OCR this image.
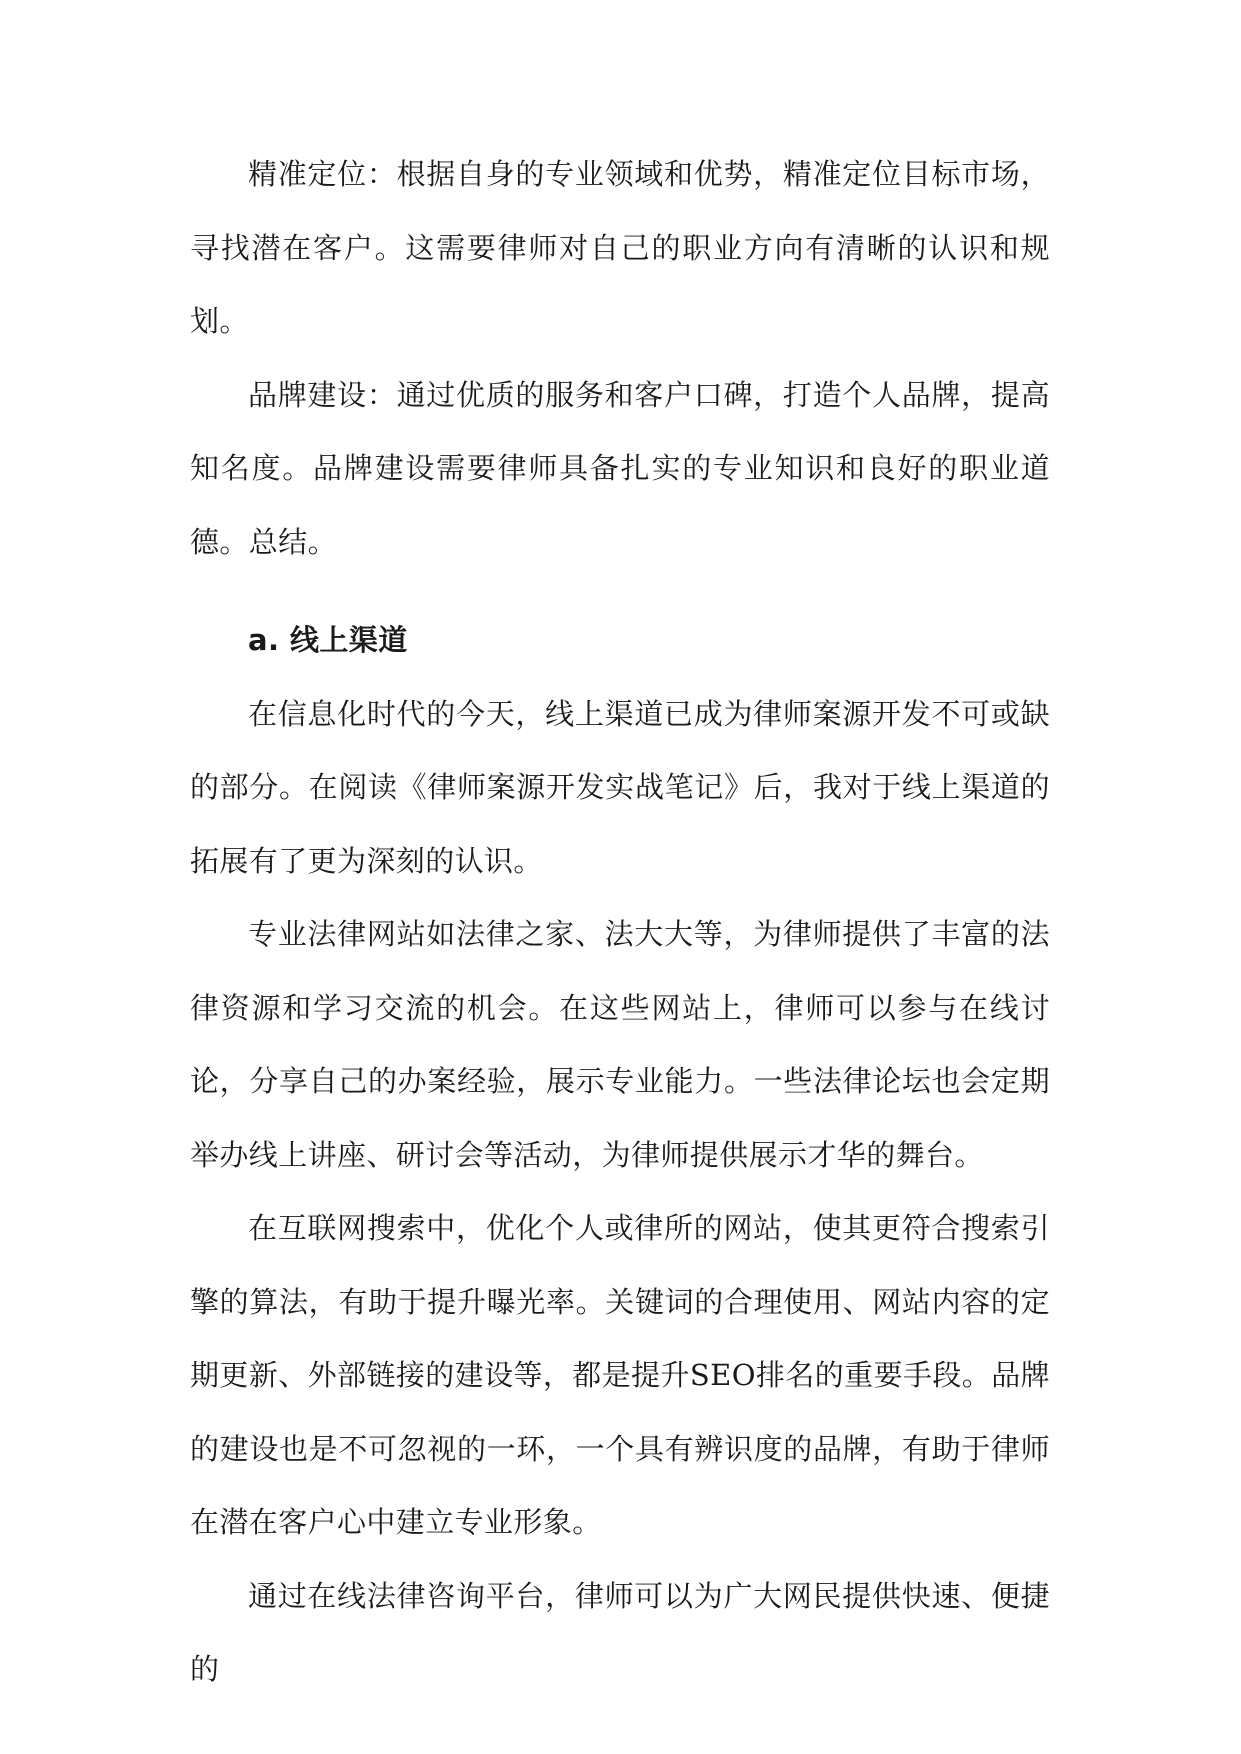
精准定位：根据自身的专业领域和优势，精准定位目标市场，寻找潜在客户。这需要律师对自己的职业方向有清晰的认识和规划。

品牌建设：通过优质的服务和客户口碑，打造个人品牌，提高知名度。品牌建设需要律师具备扎实的专业知识和良好的职业道德。总结。

a. 线上渠道

在信息化时代的今天，线上渠道已成为律师案源开发不可或缺的部分。在阅读《律师案源开发实战笔记》后，我对于线上渠道的拓展有了更为深刻的认识。

专业法律网站如法律之家、法大大等，为律师提供了丰富的法律资源和学习交流的机会。在这些网站上，律师可以参与在线讨论，分享自己的办案经验，展示专业能力。一些法律论坛也会定期举办线上讲座、研讨会等活动，为律师提供展示才华的舞台。

在互联网搜索中，优化个人或律所的网站，使其更符合搜索引擎的算法，有助于提升曝光率。关键词的合理使用、网站内容的定期更新、外部链接的建设等，都是提升SEO排名的重要手段。品牌的建设也是不可忽视的一环，一个具有辨识度的品牌，有助于律师在潜在客户心中建立专业形象。

通过在线法律咨询平台，律师可以为广大网民提供快速、便捷的
